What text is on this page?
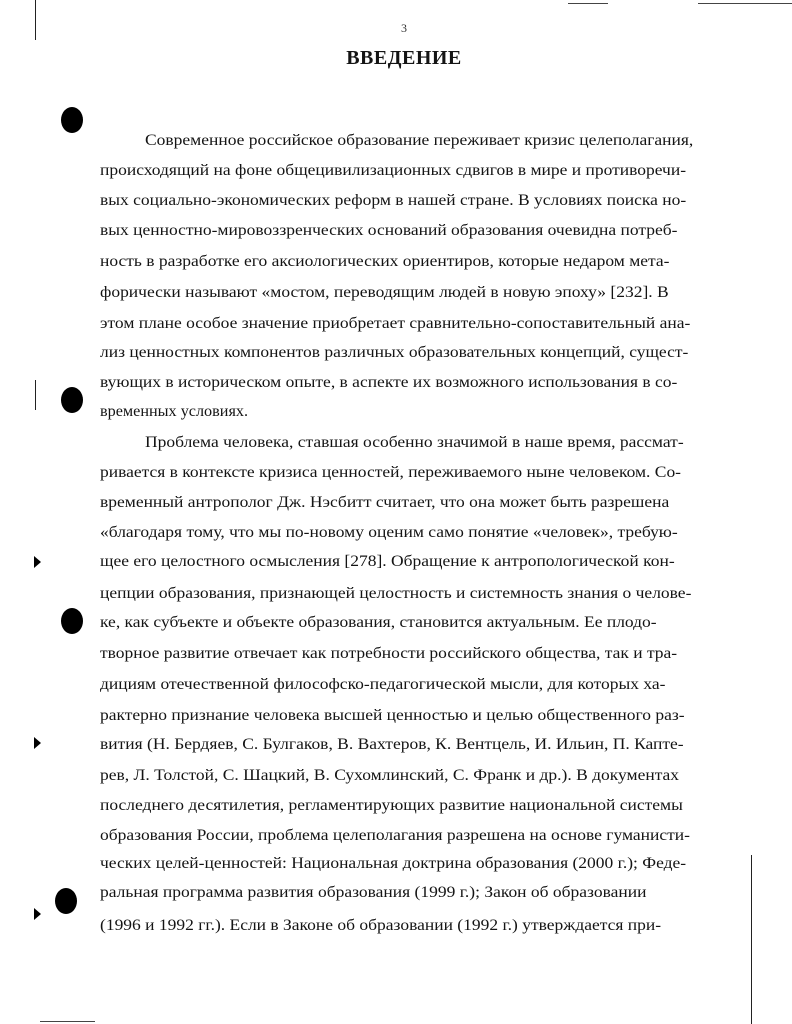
3
ВВЕДЕНИЕ
Современное российское образование переживает кризис целеполагания,
происходящий на фоне общецивилизационных сдвигов в мире и противоречи-
вых социально-экономических реформ в нашей стране. В условиях поиска но-
вых ценностно-мировоззренческих оснований образования очевидна потреб-
ность в разработке его аксиологических ориентиров, которые недаром мета-
форически называют «мостом, переводящим людей в новую эпоху» [232]. В
этом плане особое значение приобретает сравнительно-сопоставительный ана-
лиз ценностных компонентов различных образовательных концепций, сущест-
вующих в историческом опыте, в аспекте их возможного использования в со-
временных условиях.
Проблема человека, ставшая особенно значимой в наше время, рассмат-
ривается в контексте кризиса ценностей, переживаемого ныне человеком. Со-
временный антрополог Дж. Нэсбитт считает, что она может быть разрешена
«благодаря тому, что мы по-новому оценим само понятие «человек», требую-
щее его целостного осмысления [278]. Обращение к антропологической кон-
цепции образования, признающей целостность и системность знания о челове-
ке, как субъекте и объекте образования, становится актуальным. Ее плодо-
творное развитие отвечает как потребности российского общества, так и тра-
дициям отечественной философско-педагогической мысли, для которых ха-
рактерно признание человека высшей ценностью и целью общественного раз-
вития (Н. Бердяев, С. Булгаков, В. Вахтеров, К. Вентцель, И. Ильин, П. Каптe-
рев, Л. Толстой, С. Шацкий, В. Сухомлинский, С. Франк и др.). В документах
последнего десятилетия, регламентирующих развитие национальной системы
образования России, проблема целеполагания разрешена на основе гуманисти-
ческих целей-ценностей: Национальная доктрина образования (2000 г.); Феде-
ральная программа развития образования (1999 г.); Закон об образовании
(1996 и 1992 гг.). Если в Законе об образовании (1992 г.) утверждается при-
